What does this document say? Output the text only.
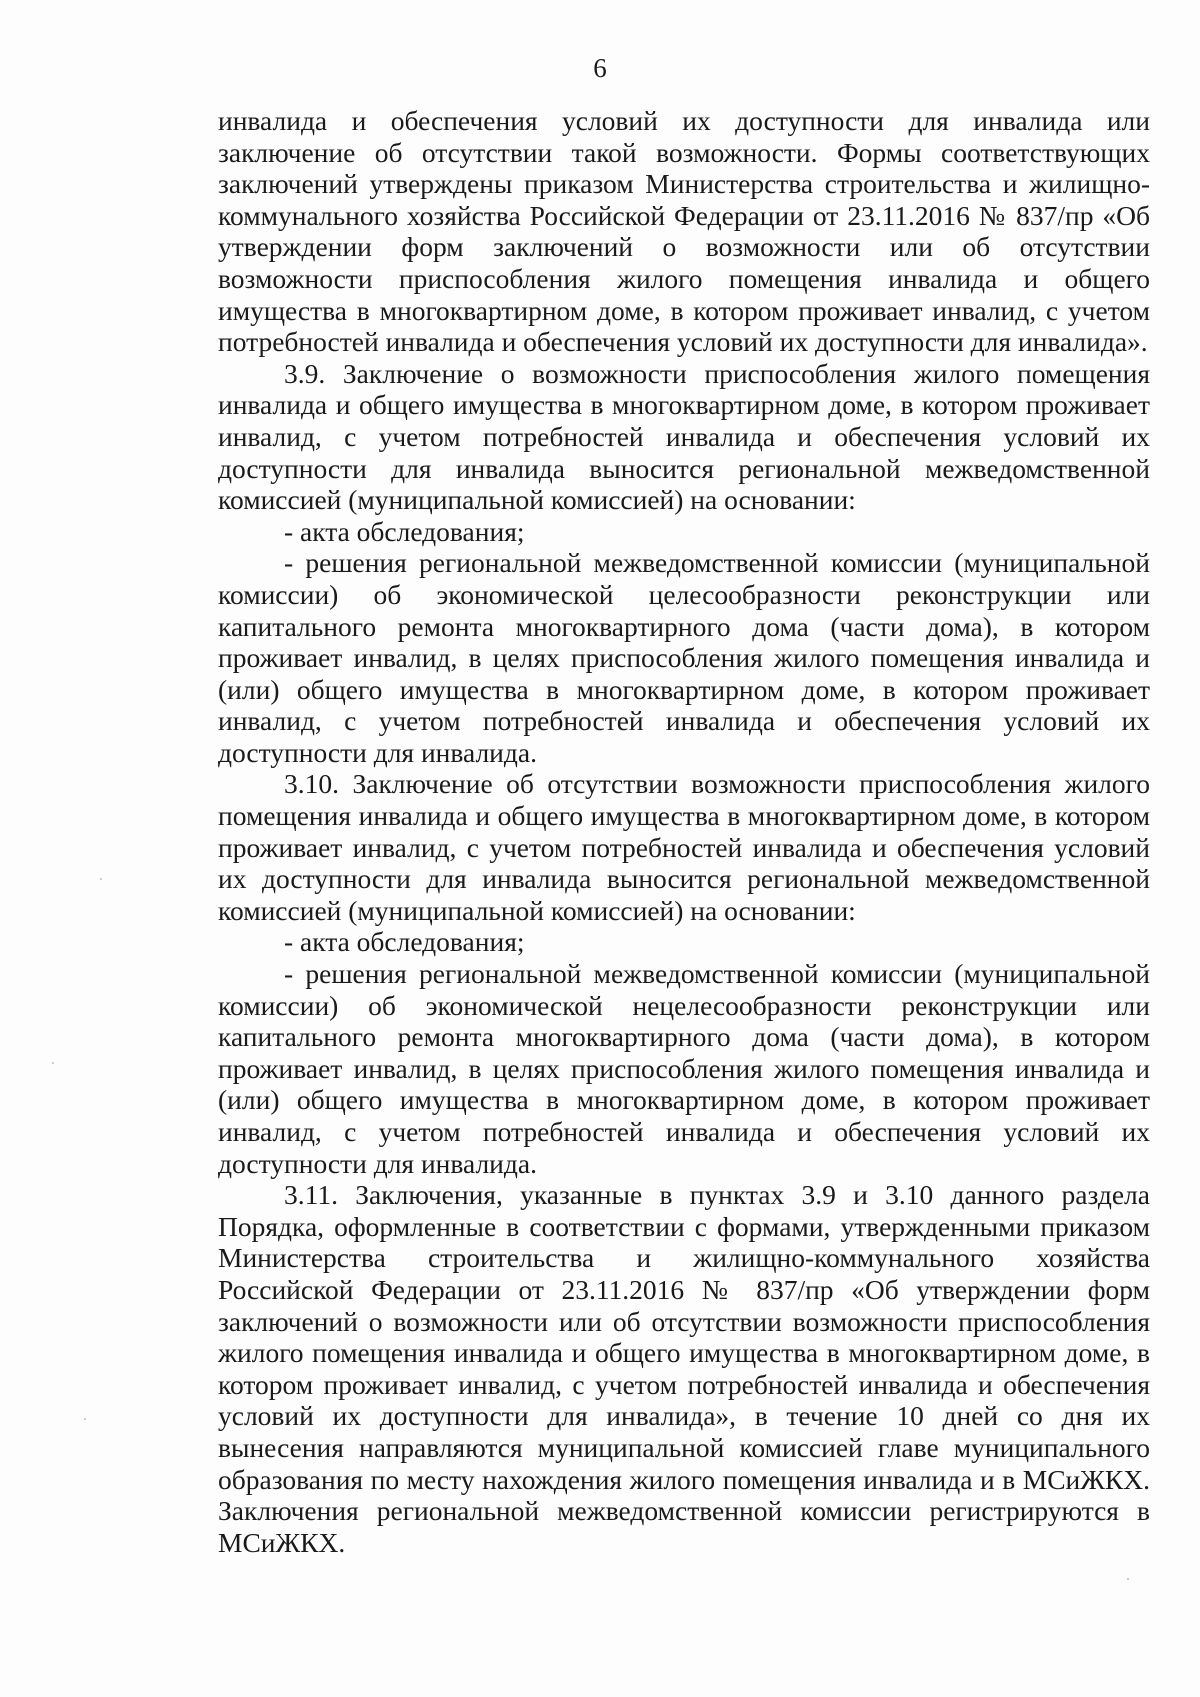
6

инвалида и обеспечения условий их доступности для инвалида или заключение об отсутствии такой возможности. Формы соответствующих заключений утверждены приказом Министерства строительства и жилищно-коммунального хозяйства Российской Федерации от 23.11.2016 № 837/пр «Об утверждении форм заключений о возможности или об отсутствии возможности приспособления жилого помещения инвалида и общего имущества в многоквартирном доме, в котором проживает инвалид, с учетом потребностей инвалида и обеспечения условий их доступности для инвалида».

3.9. Заключение о возможности приспособления жилого помещения инвалида и общего имущества в многоквартирном доме, в котором проживает инвалид, с учетом потребностей инвалида и обеспечения условий их доступности для инвалида выносится региональной межведомственной комиссией (муниципальной комиссией) на основании:

- акта обследования;

- решения региональной межведомственной комиссии (муниципальной комиссии) об экономической целесообразности реконструкции или капитального ремонта многоквартирного дома (части дома), в котором проживает инвалид, в целях приспособления жилого помещения инвалида и (или) общего имущества в многоквартирном доме, в котором проживает инвалид, с учетом потребностей инвалида и обеспечения условий их доступности для инвалида.

3.10. Заключение об отсутствии возможности приспособления жилого помещения инвалида и общего имущества в многоквартирном доме, в котором проживает инвалид, с учетом потребностей инвалида и обеспечения условий их доступности для инвалида выносится региональной межведомственной комиссией (муниципальной комиссией) на основании:

- акта обследования;

- решения региональной межведомственной комиссии (муниципальной комиссии) об экономической нецелесообразности реконструкции или капитального ремонта многоквартирного дома (части дома), в котором проживает инвалид, в целях приспособления жилого помещения инвалида и (или) общего имущества в многоквартирном доме, в котором проживает инвалид, с учетом потребностей инвалида и обеспечения условий их доступности для инвалида.

3.11. Заключения, указанные в пунктах 3.9 и 3.10 данного раздела Порядка, оформленные в соответствии с формами, утвержденными приказом Министерства строительства и жилищно-коммунального хозяйства Российской Федерации от 23.11.2016 № 837/пр «Об утверждении форм заключений о возможности или об отсутствии возможности приспособления жилого помещения инвалида и общего имущества в многоквартирном доме, в котором проживает инвалид, с учетом потребностей инвалида и обеспечения условий их доступности для инвалида», в течение 10 дней со дня их вынесения направляются муниципальной комиссией главе муниципального образования по месту нахождения жилого помещения инвалида и в МСиЖКХ. Заключения региональной межведомственной комиссии регистрируются в МСиЖКХ.
